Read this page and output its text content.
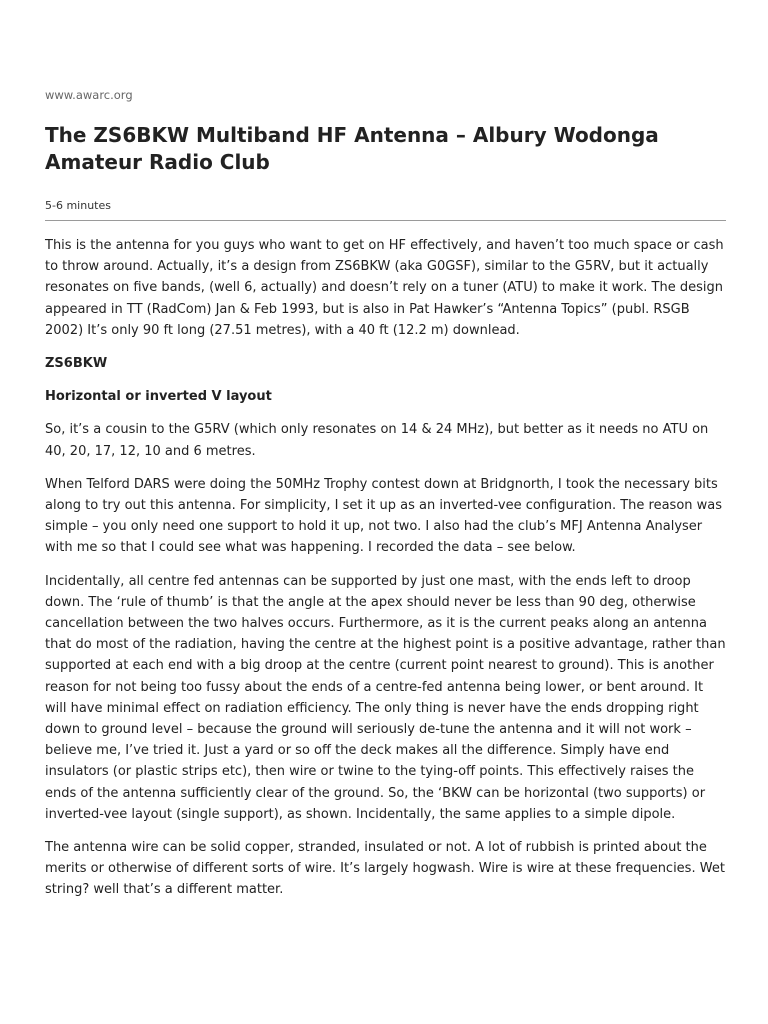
www.awarc.org

The ZS6BKW Multiband HF Antenna – Albury Wodonga Amateur Radio Club

5-6 minutes

This is the antenna for you guys who want to get on HF effectively, and haven’t too much space or cash to throw around. Actually, it’s a design from ZS6BKW (aka G0GSF), similar to the G5RV, but it actually resonates on five bands, (well 6, actually) and doesn’t rely on a tuner (ATU) to make it work. The design appeared in TT (RadCom) Jan & Feb 1993, but is also in Pat Hawker’s “Antenna Topics” (publ. RSGB 2002) It’s only 90 ft long (27.51 metres), with a 40 ft (12.2 m) downlead.

ZS6BKW

Horizontal or inverted V layout

So, it’s a cousin to the G5RV (which only resonates on 14 & 24 MHz), but better as it needs no ATU on 40, 20, 17, 12, 10 and 6 metres.

When Telford DARS were doing the 50MHz Trophy contest down at Bridgnorth, I took the necessary bits along to try out this antenna. For simplicity, I set it up as an inverted-vee configuration. The reason was simple – you only need one support to hold it up, not two. I also had the club’s MFJ Antenna Analyser with me so that I could see what was happening. I recorded the data – see below.

Incidentally, all centre fed antennas can be supported by just one mast, with the ends left to droop down. The ‘rule of thumb’ is that the angle at the apex should never be less than 90 deg, otherwise cancellation between the two halves occurs. Furthermore, as it is the current peaks along an antenna that do most of the radiation, having the centre at the highest point is a positive advantage, rather than supported at each end with a big droop at the centre (current point nearest to ground). This is another reason for not being too fussy about the ends of a centre-fed antenna being lower, or bent around. It will have minimal effect on radiation efficiency. The only thing is never have the ends dropping right down to ground level – because the ground will seriously de-tune the antenna and it will not work – believe me, I’ve tried it. Just a yard or so off the deck makes all the difference. Simply have end insulators (or plastic strips etc), then wire or twine to the tying-off points. This effectively raises the ends of the antenna sufficiently clear of the ground. So, the ‘BKW can be horizontal (two supports) or inverted-vee layout (single support), as shown. Incidentally, the same applies to a simple dipole.

The antenna wire can be solid copper, stranded, insulated or not. A lot of rubbish is printed about the merits or otherwise of different sorts of wire. It’s largely hogwash. Wire is wire at these frequencies. Wet string? well that’s a different matter.
